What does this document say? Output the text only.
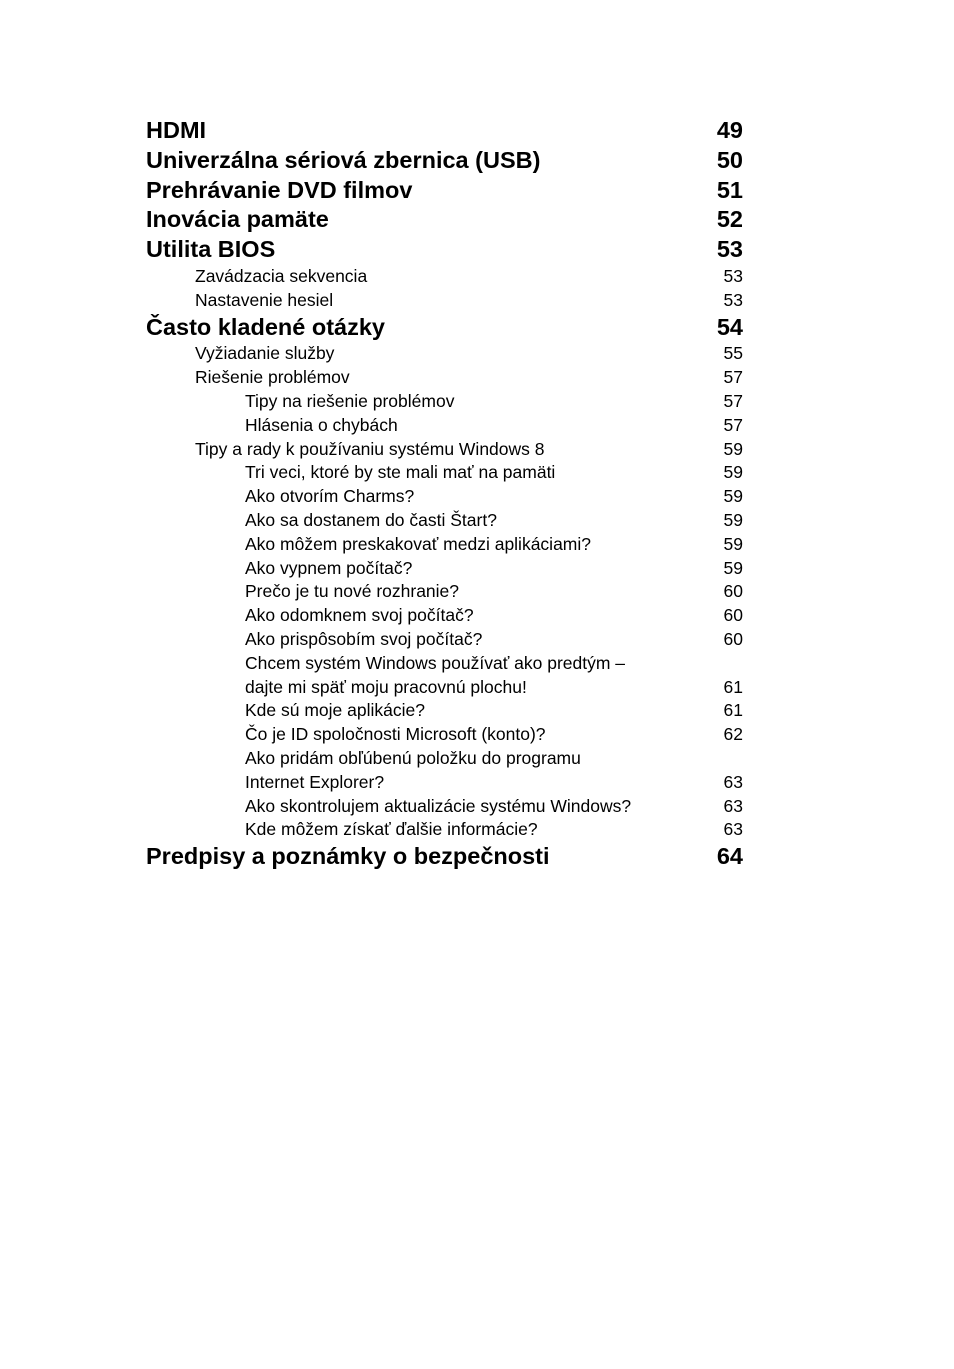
HDMI	49
Univerzálna sériová zbernica (USB)	50
Prehrávanie DVD filmov	51
Inovácia pamäte	52
Utilita BIOS	53
Zavádzacia sekvencia	53
Nastavenie hesiel	53
Často kladené otázky	54
Vyžiadanie služby	55
Riešenie problémov	57
Tipy na riešenie problémov	57
Hlásenia o chybách	57
Tipy a rady k používaniu systému Windows 8	59
Tri veci, ktoré by ste mali mať na pamäti	59
Ako otvorím Charms?	59
Ako sa dostanem do časti Štart?	59
Ako môžem preskakovať medzi aplikáciami?	59
Ako vypnem počítač?	59
Prečo je tu nové rozhranie?	60
Ako odomknem svoj počítač?	60
Ako prispôsobím svoj počítač?	60
Chcem systém Windows používať ako predtým –
dajte mi späť moju pracovnú plochu!	61
Kde sú moje aplikácie?	61
Čo je ID spoločnosti Microsoft (konto)?	62
Ako pridám obľúbenú položku do programu
Internet Explorer?	63
Ako skontrolujem aktualizácie systému Windows?	63
Kde môžem získať ďalšie informácie?	63
Predpisy a poznámky o bezpečnosti	64
